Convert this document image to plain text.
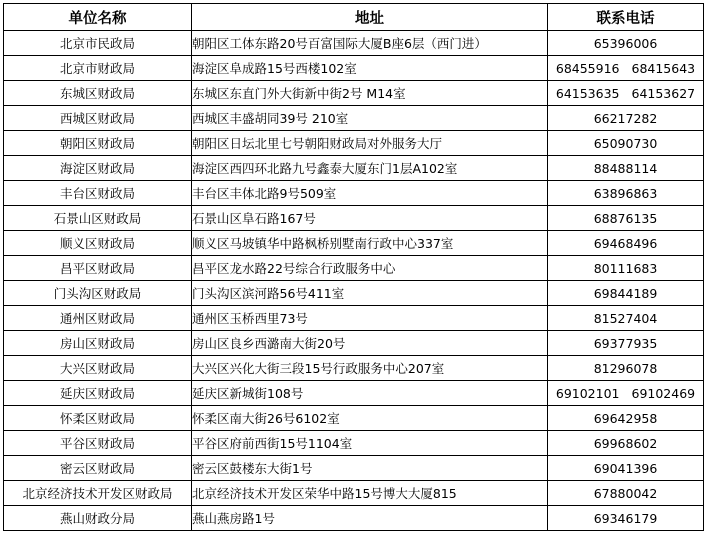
单位名称	地址	联系电话
北京市民政局	朝阳区工体东路20号百富国际大厦B座6层（西门进）	65396006

北京市财政局	海淀区阜成路15号西楼102室	68455916 68415643

东城区财政局	东城区东直门外大街新中街2号 M14室	64153635 64153627

西城区财政局	西城区丰盛胡同39号 210室	66217282

朝阳区财政局	朝阳区日坛北里七号朝阳财政局对外服务大厅	65090730

海淀区财政局	海淀区西四环北路九号鑫泰大厦东门1层A102室	88488114

丰台区财政局	丰台区丰体北路9号509室	63896863

石景山区财政局	石景山区阜石路167号	68876135

顺义区财政局	顺义区马坡镇华中路枫桥别墅南行政中心337室	69468496

昌平区财政局	昌平区龙水路22号综合行政服务中心	80111683

门头沟区财政局	门头沟区滨河路56号411室	69844189

通州区财政局	通州区玉桥西里73号	81527404

房山区财政局	房山区良乡西潞南大街20号	69377935

大兴区财政局	大兴区兴化大街三段15号行政服务中心207室	81296078

延庆区财政局	延庆区新城街108号	69102101 69102469

怀柔区财政局	怀柔区南大街26号6102室	69642958

平谷区财政局	平谷区府前西街15号1104室	69968602

密云区财政局	密云区鼓楼东大街1号	69041396

北京经济技术开发区财政局	北京经济技术开发区荣华中路15号博大大厦815	67880042

燕山财政分局	燕山燕房路1号	69346179
